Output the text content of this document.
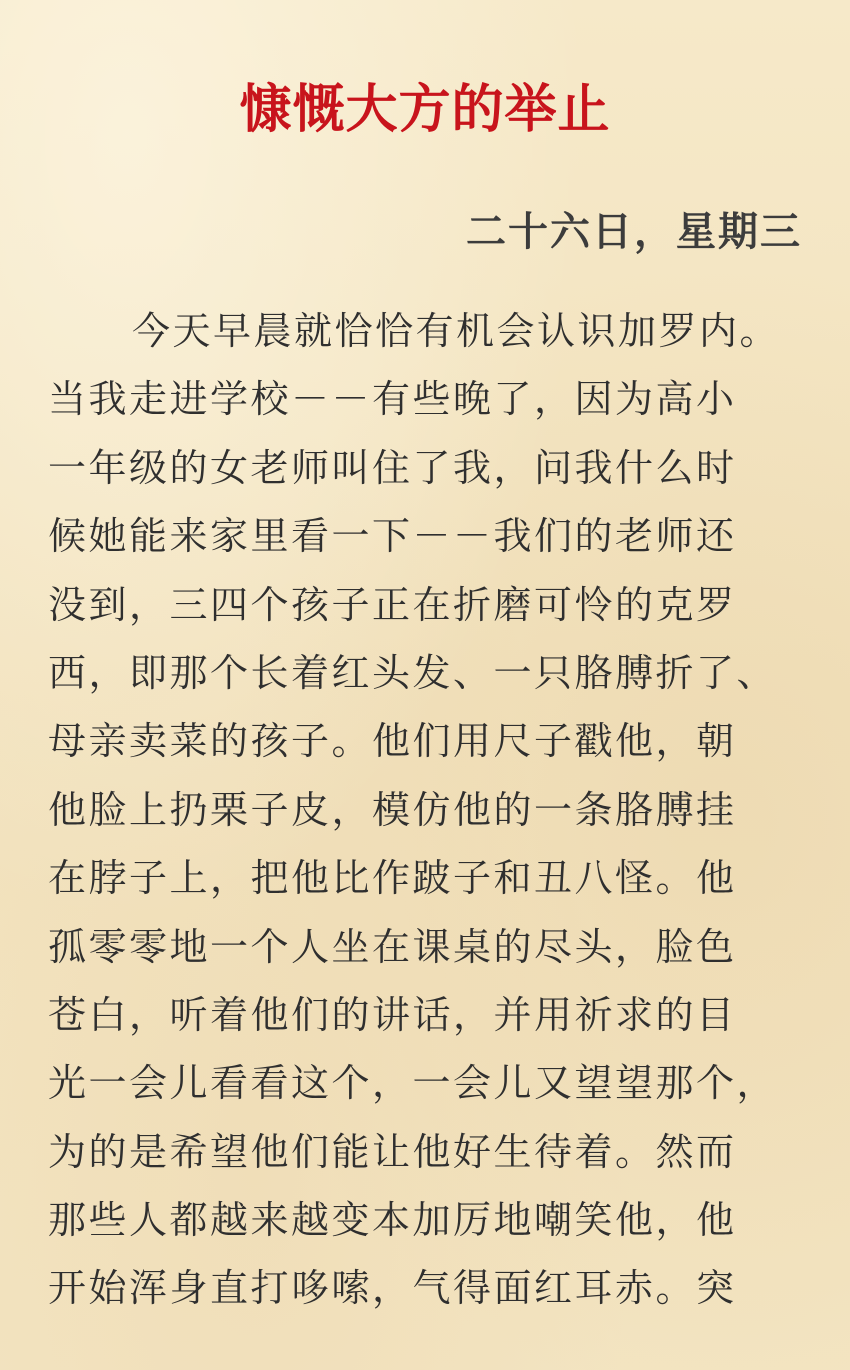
慷慨大方的举止
二十六日，星期三
今天早晨就恰恰有机会认识加罗内。
当我走进学校－－有些晚了，因为高小
一年级的女老师叫住了我，问我什么时
候她能来家里看一下－－我们的老师还
没到，三四个孩子正在折磨可怜的克罗
西，即那个长着红头发、一只胳膊折了、
母亲卖菜的孩子。他们用尺子戳他，朝
他脸上扔栗子皮，模仿他的一条胳膊挂
在脖子上，把他比作跛子和丑八怪。他
孤零零地一个人坐在课桌的尽头，脸色
苍白，听着他们的讲话，并用祈求的目
光一会儿看看这个，一会儿又望望那个，
为的是希望他们能让他好生待着。然而
那些人都越来越变本加厉地嘲笑他，他
开始浑身直打哆嗦，气得面红耳赤。突
